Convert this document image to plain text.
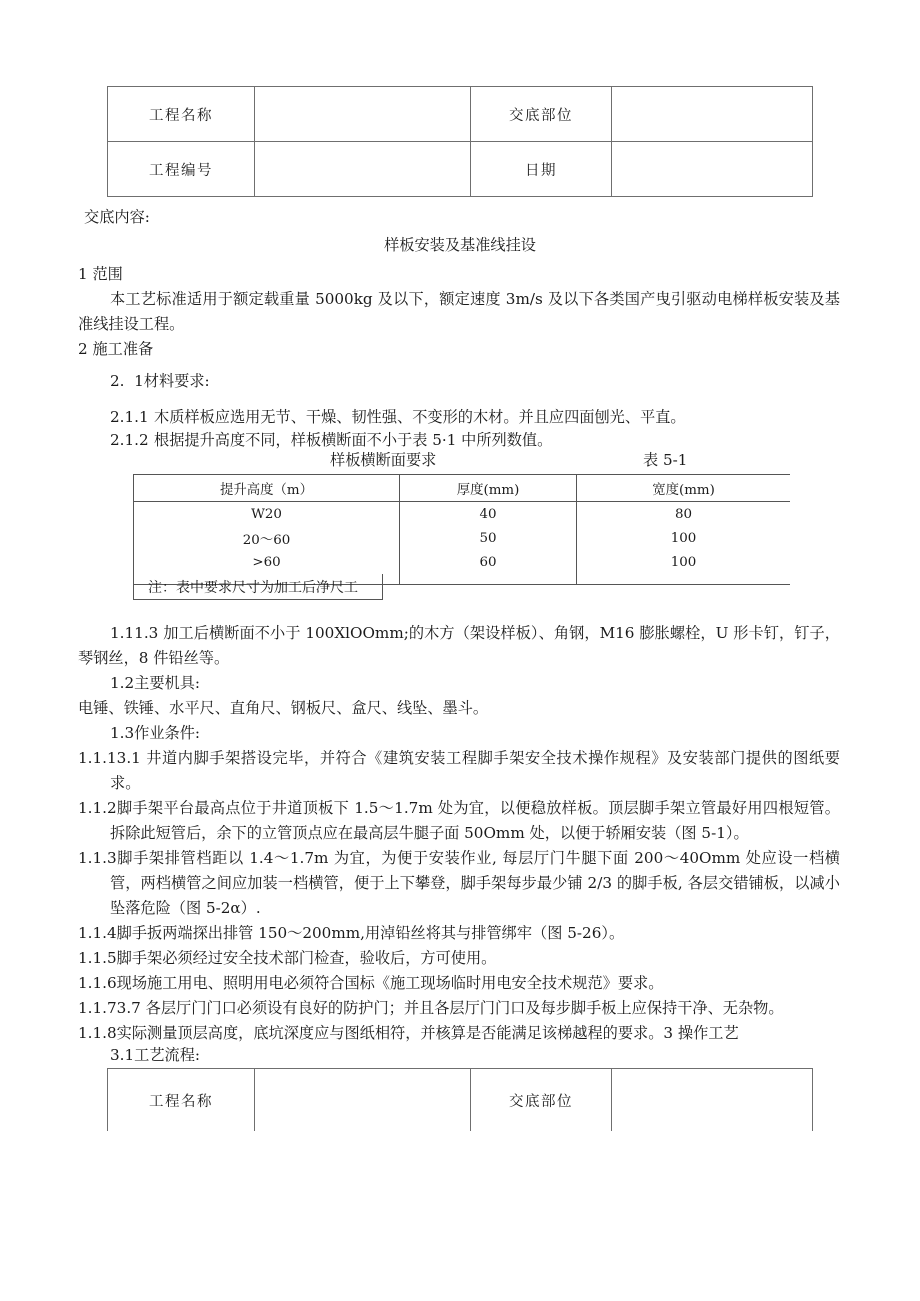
工程名称		交底部位	
工程编号		日期	
交底内容:
样板安装及基准线挂设
1 范围
本工艺标准适用于额定载重量 5000kg 及以下，额定速度 3m/s 及以下各类国产曳引驱动电梯样板安装及基准线挂设工程。
2 施工准备
2.  1材料要求:
2.1.1 木质样板应选用无节、干燥、韧性强、不变形的木材。并且应四面刨光、平直。
2.1.2 根据提升高度不同，样板横断面不小于表 5·1 中所列数值。
样板横断面要求	表 5-1
提升高度（m）	厚度(mm)	宽度(mm)
W20	40	80
20～60	50	100
>60	60	100
注：表中要求尺寸为加工后净尺工
1.11.3 加工后横断面不小于 100XlOOmm;的木方（架设样板）、角钢，M16 膨胀螺栓，U 形卡钉，钉子，琴钢丝，8 件铅丝等。
1.2主要机具:
电锤、铁锤、水平尺、直角尺、钢板尺、盒尺、线坠、墨斗。
1.3作业条件:
1.1.13.1 井道内脚手架搭设完毕，并符合《建筑安装工程脚手架安全技术操作规程》及安装部门提供的图纸要求。
1.1.2脚手架平台最高点位于井道顶板下 1.5～1.7m 处为宜，以便稳放样板。顶层脚手架立管最好用四根短管。拆除此短管后，余下的立管顶点应在最高层牛腿子面 50Omm 处，以便于轿厢安装（图 5-1）。
1.1.3脚手架排管档距以 1.4～1.7m 为宜，为便于安装作业, 每层厅门牛腿下面 200～40Omm 处应设一档横管，两档横管之间应加装一档横管，便于上下攀登，脚手架每步最少铺 2/3 的脚手板, 各层交错铺板，以减小坠落危险（图 5-2α）.
1.1.4脚手扳两端探出排管 150～200mm,用淖铅丝将其与排管绑牢（图 5-26）。
1.1.5脚手架必须经过安全技术部门检查，验收后，方可使用。
1.1.6现场施工用电、照明用电必须符合国标《施工现场临时用电安全技术规范》要求。
1.1.73.7 各层厅门门口必须设有良好的防护门；并且各层厅门门口及每步脚手板上应保持干净、无杂物。
1.1.8实际测量顶层高度，底坑深度应与图纸相符，并核算是否能满足该梯越程的要求。3 操作工艺
3.1工艺流程:
工程名称		交底部位	
